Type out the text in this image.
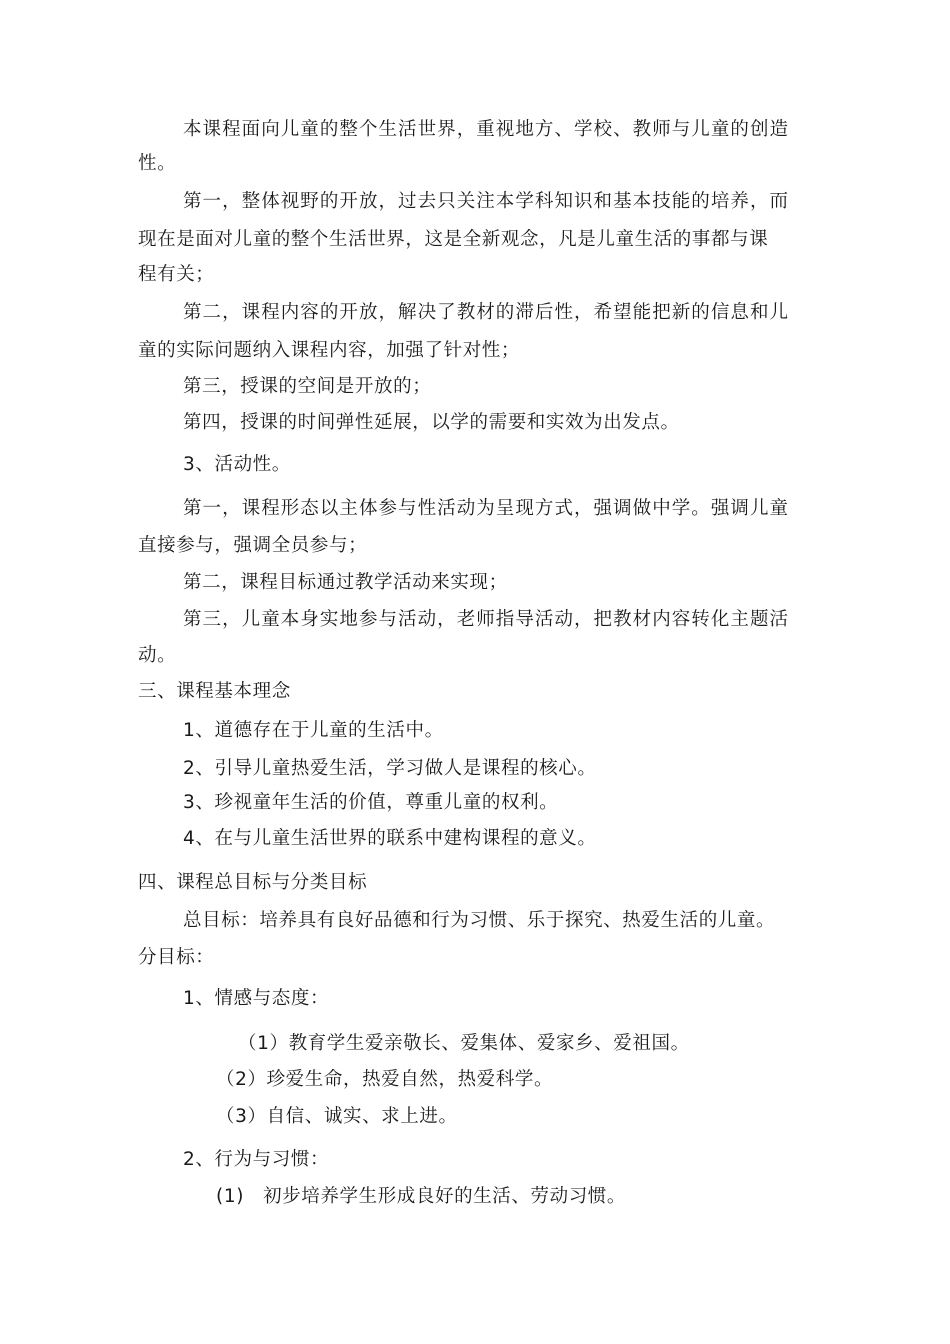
本课程面向儿童的整个生活世界，重视地方、学校、教师与儿童的创造
性。
第一，整体视野的开放，过去只关注本学科知识和基本技能的培养，而
现在是面对儿童的整个生活世界，这是全新观念，凡是儿童生活的事都与课
程有关；
第二，课程内容的开放，解决了教材的滞后性，希望能把新的信息和儿
童的实际问题纳入课程内容，加强了针对性；
第三，授课的空间是开放的；
第四，授课的时间弹性延展，以学的需要和实效为出发点。
3、活动性。
第一，课程形态以主体参与性活动为呈现方式，强调做中学。强调儿童
直接参与，强调全员参与；
第二，课程目标通过教学活动来实现；
第三，儿童本身实地参与活动，老师指导活动，把教材内容转化主题活
动。
三、课程基本理念
1、道德存在于儿童的生活中。
2、引导儿童热爱生活，学习做人是课程的核心。
3、珍视童年生活的价值，尊重儿童的权利。
4、在与儿童生活世界的联系中建构课程的意义。
四、课程总目标与分类目标
总目标：培养具有良好品德和行为习惯、乐于探究、热爱生活的儿童。
分目标：
1、情感与态度：
（1）教育学生爱亲敬长、爱集体、爱家乡、爱祖国。
（2）珍爱生命，热爱自然，热爱科学。
（3）自信、诚实、求上进。
2、行为与习惯：
(1)　初步培养学生形成良好的生活、劳动习惯。
